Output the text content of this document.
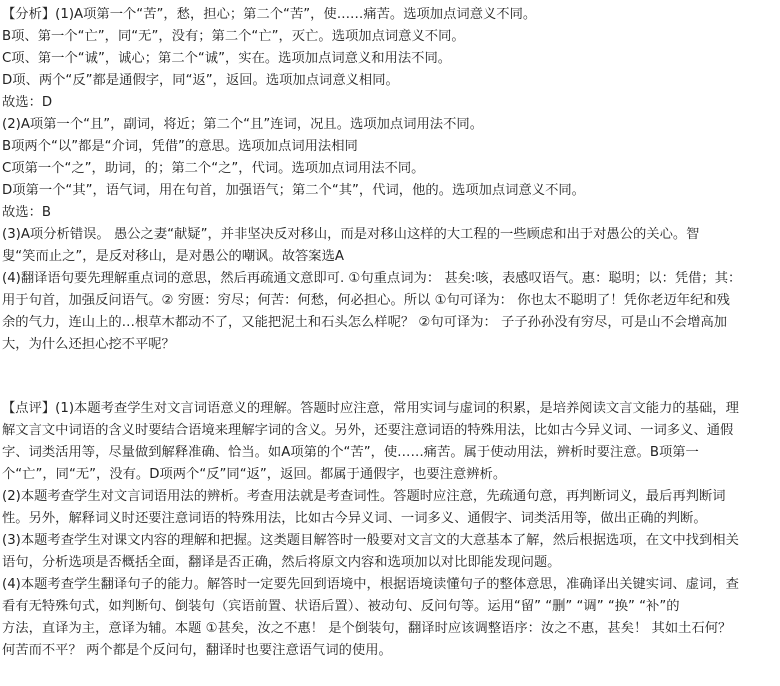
【分析】(1)A项第一个“苦”，愁，担心；第二个“苦”，使……痛苦。选项加点词意义不同。
B项、第一个“亡”，同“无”，没有；第二个“亡”，灭亡。选项加点词意义不同。
C项、第一个“诚”，诚心；第二个“诚”，实在。选项加点词意义和用法不同。
D项、两个“反”都是通假字，同“返”，返回。选项加点词意义相同。
故选：D
(2)A项第一个“且”，副词，将近；第二个“且”连词，况且。选项加点词用法不同。
B项两个“以”都是“介词，凭借”的意思。选项加点词用法相同
C项第一个“之”，助词，的；第二个“之”，代词。选项加点词用法不同。
D项第一个“其”，语气词，用在句首，加强语气；第二个“其”，代词，他的。选项加点词意义不同。
故选：B
(3)A项分析错误。 愚公之妻“献疑”，并非坚决反对移山，而是对移山这样的大工程的一些顾虑和出于对愚公的关心。智
叟“笑而止之”，是反对移山，是对愚公的嘲讽。故答案选A
(4)翻译语句要先理解重点词的意思，然后再疏通文意即可. ①句重点词为： 甚矣:咳，表感叹语气。惠：聪明；以：凭借；其：
用于句首，加强反问语气。② 穷匮：穷尽；何苦：何愁，何必担心。所以 ①句可译为： 你也太不聪明了！凭你老迈年纪和残
余的气力，连山上的…根草木都动不了，又能把泥土和石头怎么样呢？ ②句可译为： 子子孙孙没有穷尽，可是山不会增高加
大，为什么还担心挖不平呢？
【点评】(1)本题考查学生对文言词语意义的理解。答题时应注意，常用实词与虚词的积累，是培养阅读文言文能力的基础，理
解文言文中词语的含义时要结合语境来理解字词的含义。另外，还要注意词语的特殊用法，比如古今异义词、一词多义、通假
字、词类活用等，尽量做到解释准确、恰当。如A项第的个“苦”，使……痛苦。属于使动用法，辨析时要注意。B项第一
个“亡”，同“无”，没有。D项两个“反”同“返”，返回。都属于通假字，也要注意辨析。
(2)本题考查学生对文言词语用法的辨析。考查用法就是考查词性。答题时应注意，先疏通句意，再判断词义，最后再判断词
性。另外，解释词义时还要注意词语的特殊用法，比如古今异义词、一词多义、通假字、词类活用等，做出正确的判断。
(3)本题考查学生对课文内容的理解和把握。这类题目解答时一般要对文言文的大意基本了解，然后根据选项，在文中找到相关
语句，分析选项是否概括全面，翻译是否正确，然后将原文内容和选项加以对比即能发现问题。
(4)本题考查学生翻译句子的能力。解答时一定要先回到语境中，根据语境读懂句子的整体意思，准确译出关键实词、虚词，查
看有无特殊句式，如判断句、倒装句（宾语前置、状语后置）、被动句、反问句等。运用“留” “删” “调” “换” “补”的
方法，直译为主，意译为辅。本题 ①甚矣，汝之不惠！ 是个倒装句，翻译时应该调整语序：汝之不惠，甚矣！ 其如土石何？
何苦而不平？ 两个都是个反问句，翻译时也要注意语气词的使用。
